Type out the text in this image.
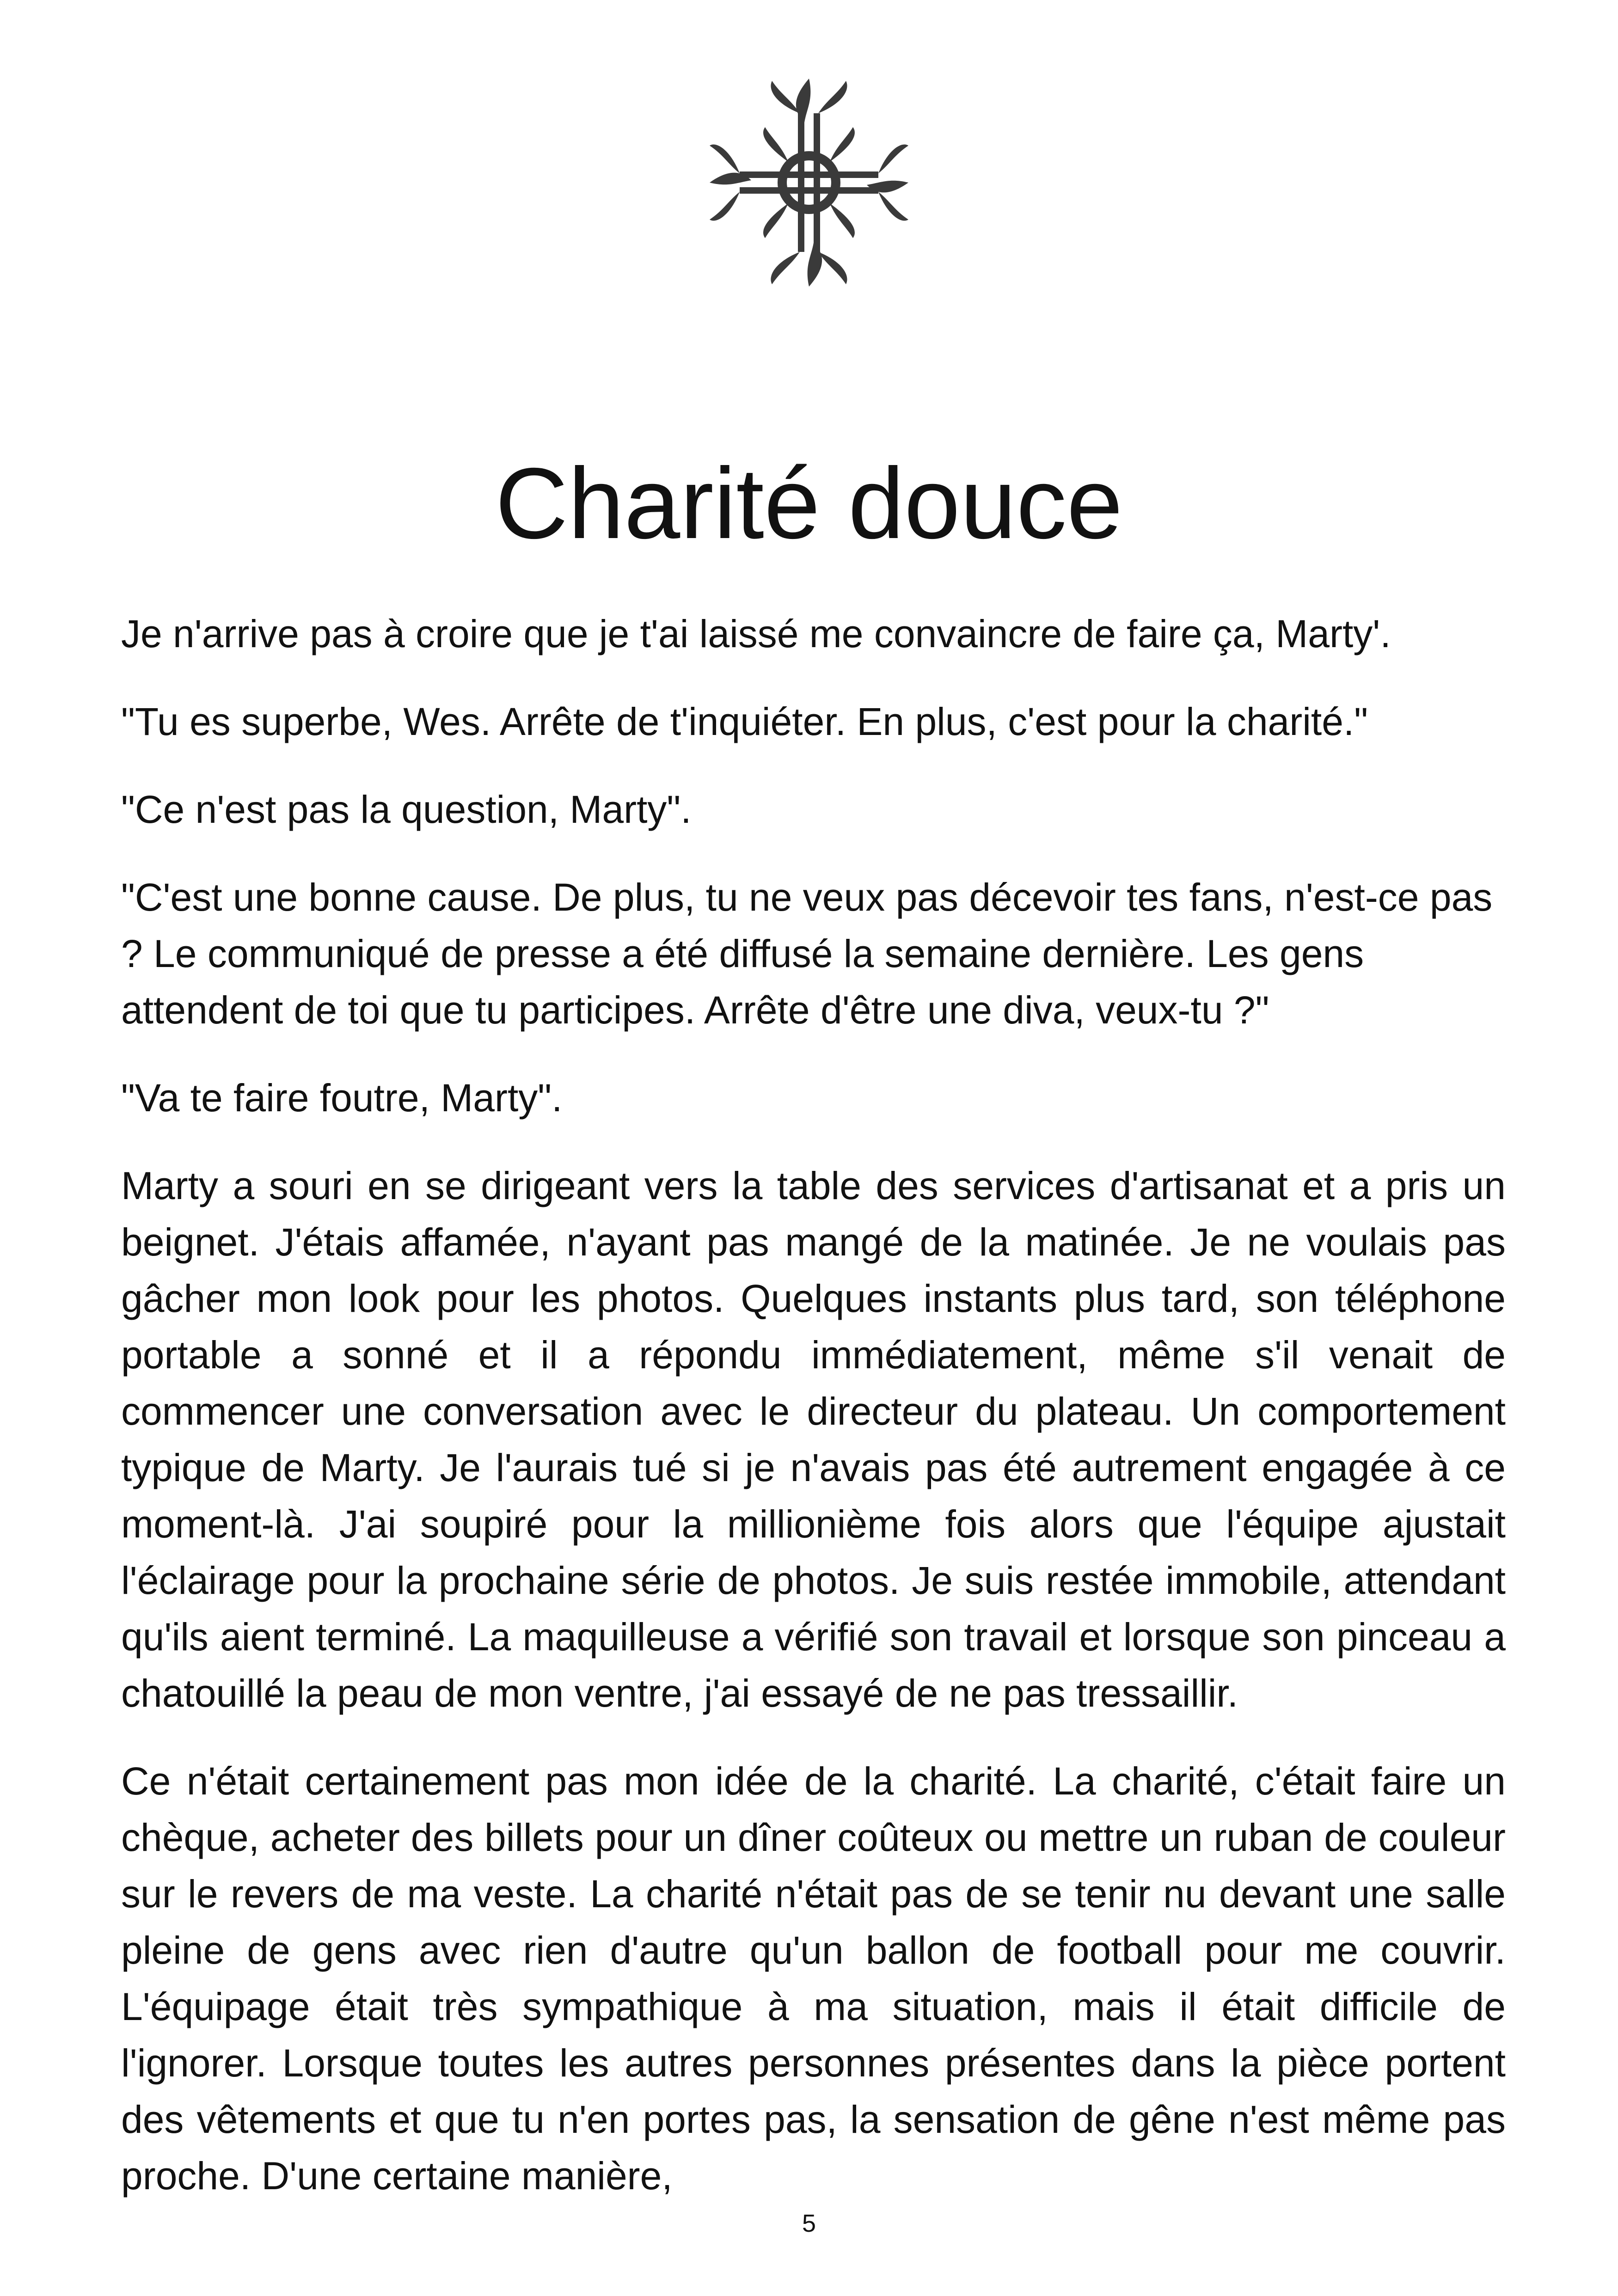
Charité douce

Je n'arrive pas à croire que je t'ai laissé me convaincre de faire ça, Marty'.

"Tu es superbe, Wes. Arrête de t'inquiéter. En plus, c'est pour la charité."

"Ce n'est pas la question, Marty".

"C'est une bonne cause. De plus, tu ne veux pas décevoir tes fans, n'est-ce pas ? Le communiqué de presse a été diffusé la semaine dernière. Les gens attendent de toi que tu participes. Arrête d'être une diva, veux-tu ?"

"Va te faire foutre, Marty".

Marty a souri en se dirigeant vers la table des services d'artisanat et a pris un beignet. J'étais affamée, n'ayant pas mangé de la matinée. Je ne voulais pas gâcher mon look pour les photos. Quelques instants plus tard, son téléphone portable a sonné et il a répondu immédiatement, même s'il venait de commencer une conversation avec le directeur du plateau. Un comportement typique de Marty. Je l'aurais tué si je n'avais pas été autrement engagée à ce moment-là. J'ai soupiré pour la millionième fois alors que l'équipe ajustait l'éclairage pour la prochaine série de photos. Je suis restée immobile, attendant qu'ils aient terminé. La maquilleuse a vérifié son travail et lorsque son pinceau a chatouillé la peau de mon ventre, j'ai essayé de ne pas tressaillir.

Ce n'était certainement pas mon idée de la charité. La charité, c'était faire un chèque, acheter des billets pour un dîner coûteux ou mettre un ruban de couleur sur le revers de ma veste. La charité n'était pas de se tenir nu devant une salle pleine de gens avec rien d'autre qu'un ballon de football pour me couvrir. L'équipage était très sympathique à ma situation, mais il était difficile de l'ignorer. Lorsque toutes les autres personnes présentes dans la pièce portent des vêtements et que tu n'en portes pas, la sensation de gêne n'est même pas proche. D'une certaine manière,

5
